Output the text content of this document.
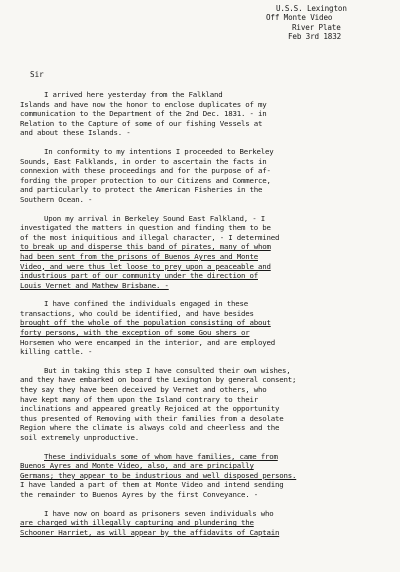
U.S.S. Lexington
Off Monte Video
River Plate
Feb 3rd 1832
Sir
I arrived here yesterday from the Falkland
Islands and have now the honor to enclose duplicates of my
communication to the Department of the 2nd Dec. 1831. - in
Relation to the Capture of some of our fishing Vessels at
and about these Islands. -
In conformity to my intentions I proceeded to Berkeley
Sounds, East Falklands, in order to ascertain the facts in
connexion with these proceedings and for the purpose of af-
fording the proper protection to our Citizens and Commerce,
and particularly to protect the American Fisheries in the
Southern Ocean. -
Upon my arrival in Berkeley Sound East Falkland, - I
investigated the matters in question and finding them to be
of the most iniquitious and illegal character, - I determined
to break up and disperse this band of pirates, many of whom
had been sent from the prisons of Buenos Ayres and Monte
Video, and were thus let loose to prey upon a peaceable and
industrious part of our community under the direction of
Louis Vernet and Mathew Brisbane. -
I have confined the individuals engaged in these
transactions, who could be identified, and have besides
brought off the whole of the population consisting of about
forty persons, with the exception of some Gou shers or
Horsemen who were encamped in the interior, and are employed
killing cattle. -
But in taking this step I have consulted their own wishes,
and they have embarked on board the Lexington by general consent;
they say they have been deceived by Vernet and others, who
have kept many of them upon the Island contrary to their
inclinations and appeared greatly Rejoiced at the opportunity
thus presented of Removing with their families from a desolate
Region where the climate is always cold and cheerless and the
soil extremely unproductive.
These individuals some of whom have families, came from
Buenos Ayres and Monte Video, also, and are principally
Germans; they appear to be industrious and well disposed persons.
I have landed a part of them at Monte Video and intend sending
the remainder to Buenos Ayres by the first Conveyance. -
I have now on board as prisoners seven individuals who
are charged with illegally capturing and plundering the
Schooner Harriet, as will appear by the affidavits of Captain
